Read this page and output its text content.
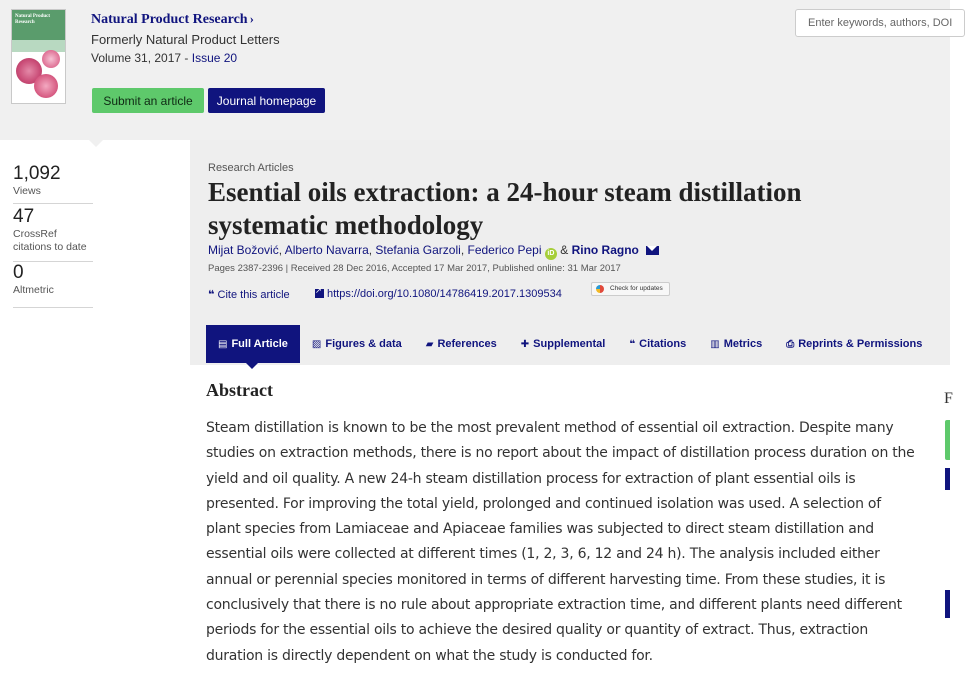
Natural Product Research	Natural Product Research ›
Formerly Natural Product Letters
Volume 31, 2017 - Issue 20
Submit an article	Journal homepage
Enter keywords, authors, DOI
1,092
Views
47
CrossRef
citations to date
0
Altmetric
Research Articles
Esential oils extraction: a 24-hour steam distillation systematic methodology
Mijat Božović, Alberto Navarra, Stefania Garzoli, Federico Pepi iD & Rino Ragno
Pages 2387-2396 | Received 28 Dec 2016, Accepted 17 Mar 2017, Published online: 31 Mar 2017
❝ Cite this article
↗	https://doi.org/10.1080/14786419.2017.1309534	Check for updates
▤ Full Article ▨ Figures & data ▰ References ✚ Supplemental ❝ Citations ▥ Metrics ⎙ Reprints & Permissions
Abstract

Steam distillation is known to be the most prevalent method of essential oil extraction. Despite many studies on extraction methods, there is no report about the impact of distillation process duration on the yield and oil quality. A new 24-h steam distillation process for extraction of plant essential oils is presented. For improving the total yield, prolonged and continued isolation was used. A selection of plant species from Lamiaceae and Apiaceae families was subjected to direct steam distillation and essential oils were collected at different times (1, 2, 3, 6, 12 and 24 h). The analysis included either annual or perennial species monitored in terms of different harvesting time. From these studies, it is conclusively that there is no rule about appropriate extraction time, and different plants need different periods for the essential oils to achieve the desired quality or quantity of extract. Thus, extraction duration is directly dependent on what the study is conducted for.

F
